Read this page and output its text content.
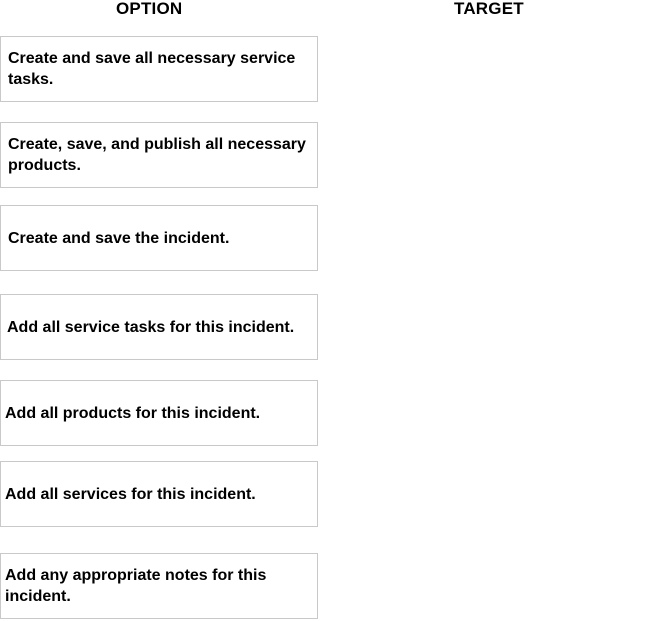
OPTION	TARGET
Create and save all necessary service tasks.
Create, save, and publish all necessary products.
Create and save the incident.
Add all service tasks for this incident.
Add all products for this incident.
Add all services for this incident.
Add any appropriate notes for this incident.
